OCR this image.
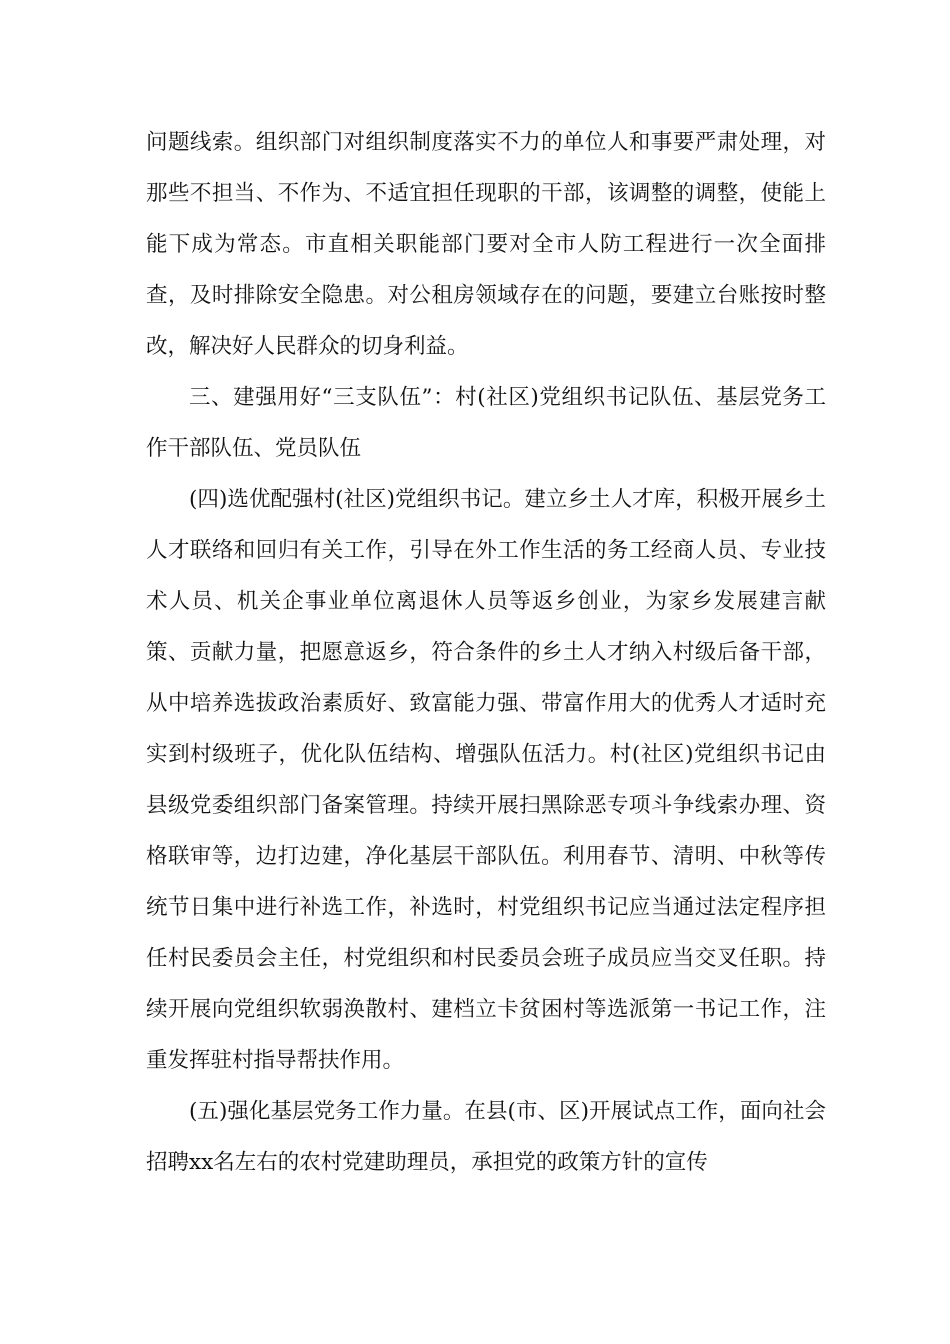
问题线索。组织部门对组织制度落实不力的单位人和事要严肃处理，对那些不担当、不作为、不适宜担任现职的干部，该调整的调整，使能上能下成为常态。市直相关职能部门要对全市人防工程进行一次全面排查，及时排除安全隐患。对公租房领域存在的问题，要建立台账按时整改，解决好人民群众的切身利益。

三、建强用好“三支队伍”：村(社区)党组织书记队伍、基层党务工作干部队伍、党员队伍

(四)选优配强村(社区)党组织书记。建立乡土人才库，积极开展乡土人才联络和回归有关工作，引导在外工作生活的务工经商人员、专业技术人员、机关企事业单位离退休人员等返乡创业，为家乡发展建言献策、贡献力量，把愿意返乡，符合条件的乡土人才纳入村级后备干部，从中培养选拔政治素质好、致富能力强、带富作用大的优秀人才适时充实到村级班子，优化队伍结构、增强队伍活力。村(社区)党组织书记由县级党委组织部门备案管理。持续开展扫黑除恶专项斗争线索办理、资格联审等，边打边建，净化基层干部队伍。利用春节、清明、中秋等传统节日集中进行补选工作，补选时，村党组织书记应当通过法定程序担任村民委员会主任，村党组织和村民委员会班子成员应当交叉任职。持续开展向党组织软弱涣散村、建档立卡贫困村等选派第一书记工作，注重发挥驻村指导帮扶作用。

(五)强化基层党务工作力量。在县(市、区)开展试点工作，面向社会招聘xx名左右的农村党建助理员，承担党的政策方针的宣传
